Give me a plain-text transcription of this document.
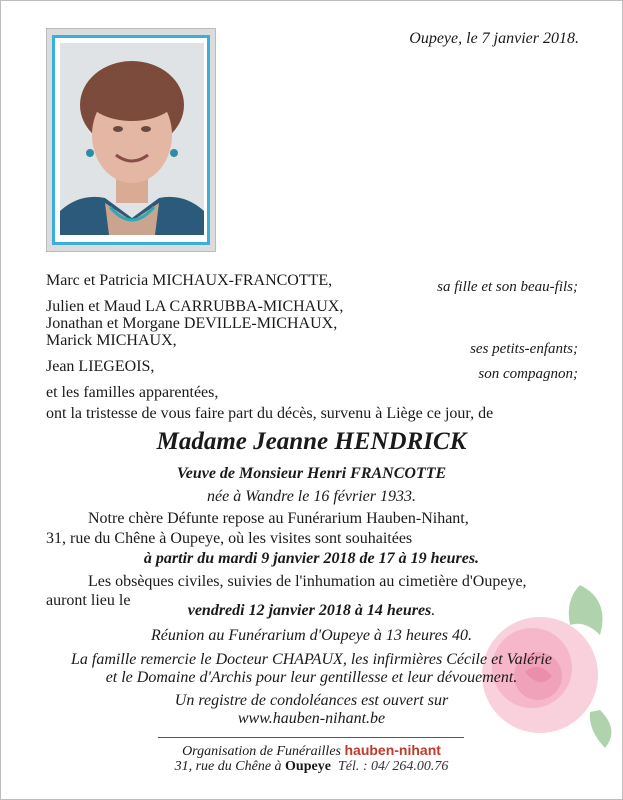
Oupeye, le 7 janvier 2018.
Marc et Patricia MICHAUX-FRANCOTTE,	sa fille et son beau-fils;
Julien et Maud LA CARRUBBA-MICHAUX,
Jonathan et Morgane DEVILLE-MICHAUX,
Marick MICHAUX,	ses petits-enfants;
Jean LIEGEOIS,	son compagnon;
et les familles apparentées,
ont la tristesse de vous faire part du décès, survenu à Liège ce jour, de
Madame Jeanne HENDRICK
Veuve de Monsieur Henri FRANCOTTE
née à Wandre le 16 février 1933.
Notre chère Défunte repose au Funérarium Hauben-Nihant,
31, rue du Chêne à Oupeye, où les visites sont souhaitées
à partir du mardi 9 janvier 2018 de 17 à 19 heures.
Les obsèques civiles, suivies de l'inhumation au cimetière d'Oupeye,
auront lieu le
vendredi 12 janvier 2018 à 14 heures.
Réunion au Funérarium d'Oupeye à 13 heures 40.
La famille remercie le Docteur CHAPAUX, les infirmières Cécile et Valérie
et le Domaine d'Archis pour leur gentillesse et leur dévouement.
Un registre de condoléances est ouvert sur
www.hauben-nihant.be
Organisation de Funérailles hauben-nihant
31, rue du Chêne à Oupeye Tél. : 04/ 264.00.76
